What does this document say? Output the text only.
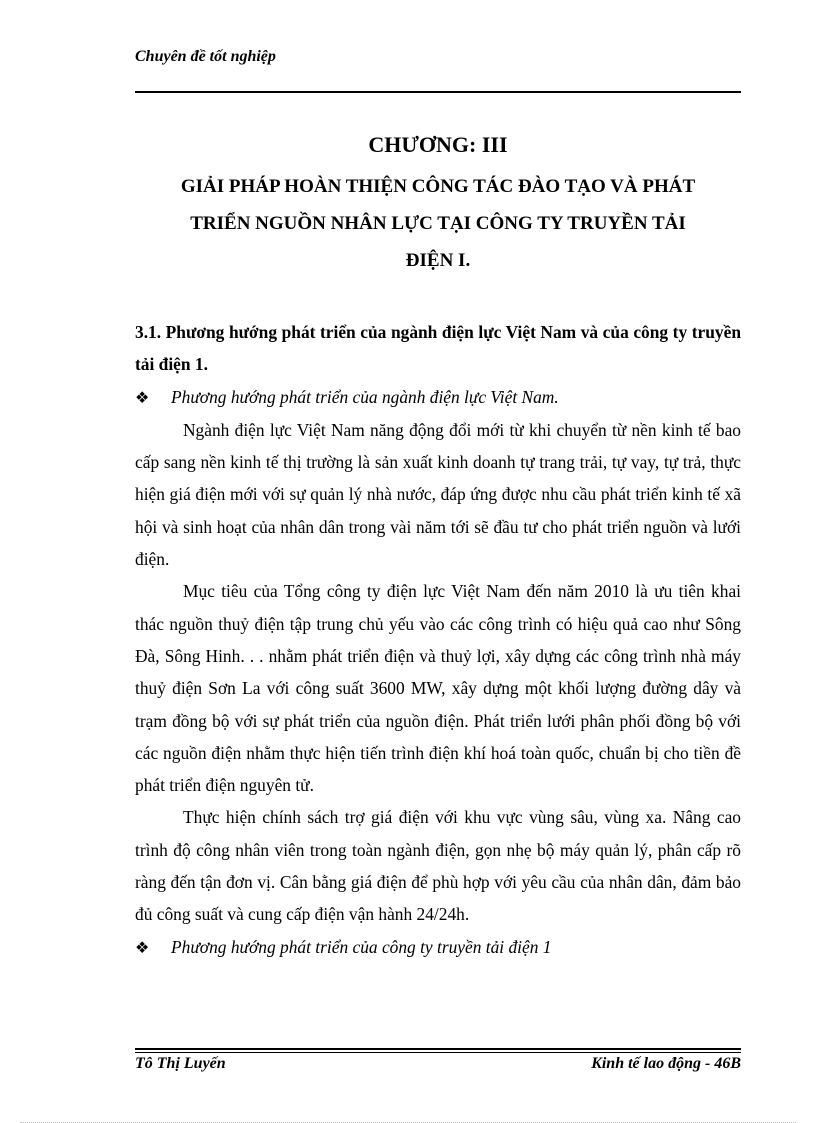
Chuyên đề tốt nghiệp
CHƯƠNG: III
GIẢI PHÁP HOÀN THIỆN CÔNG TÁC ĐÀO TẠO VÀ PHÁT
TRIỂN NGUỒN NHÂN LỰC TẠI CÔNG TY TRUYỀN TẢI
ĐIỆN I.
3.1. Phương hướng phát triển của ngành điện lực Việt Nam và của công ty truyền tải điện 1.
❖	Phương hướng phát triển của ngành điện lực Việt Nam.

Ngành điện lực Việt Nam năng động đổi mới từ khi chuyển từ nền kinh tế bao cấp sang nền kinh tế thị trường là sản xuất kinh doanh tự trang trải, tự vay, tự trả, thực hiện giá điện mới với sự quản lý nhà nước, đáp ứng được nhu cầu phát triển kinh tế xã hội và sinh hoạt của nhân dân trong vài năm tới sẽ đầu tư cho phát triển nguồn và lưới điện.

Mục tiêu của Tổng công ty điện lực Việt Nam đến năm 2010 là ưu tiên khai thác nguồn thuỷ điện tập trung chủ yếu vào các công trình có hiệu quả cao như Sông Đà, Sông Hinh. . . nhằm phát triển điện và thuỷ lợi, xây dựng các công trình nhà máy thuỷ điện Sơn La với công suất 3600 MW, xây dựng một khối lượng đường dây và trạm đồng bộ với sự phát triển của nguồn điện. Phát triển lưới phân phối đồng bộ với các nguồn điện nhằm thực hiện tiến trình điện khí hoá toàn quốc, chuẩn bị cho tiền đề phát triển điện nguyên tử.

Thực hiện chính sách trợ giá điện với khu vực vùng sâu, vùng xa. Nâng cao trình độ công nhân viên trong toàn ngành điện, gọn nhẹ bộ máy quản lý, phân cấp rõ ràng đến tận đơn vị. Cân bằng giá điện để phù hợp với yêu cầu của nhân dân, đảm bảo đủ công suất và cung cấp điện vận hành 24/24h.

❖	Phương hướng phát triển của công ty truyền tải điện 1
Tô Thị Luyến	Kinh tế lao động - 46B
